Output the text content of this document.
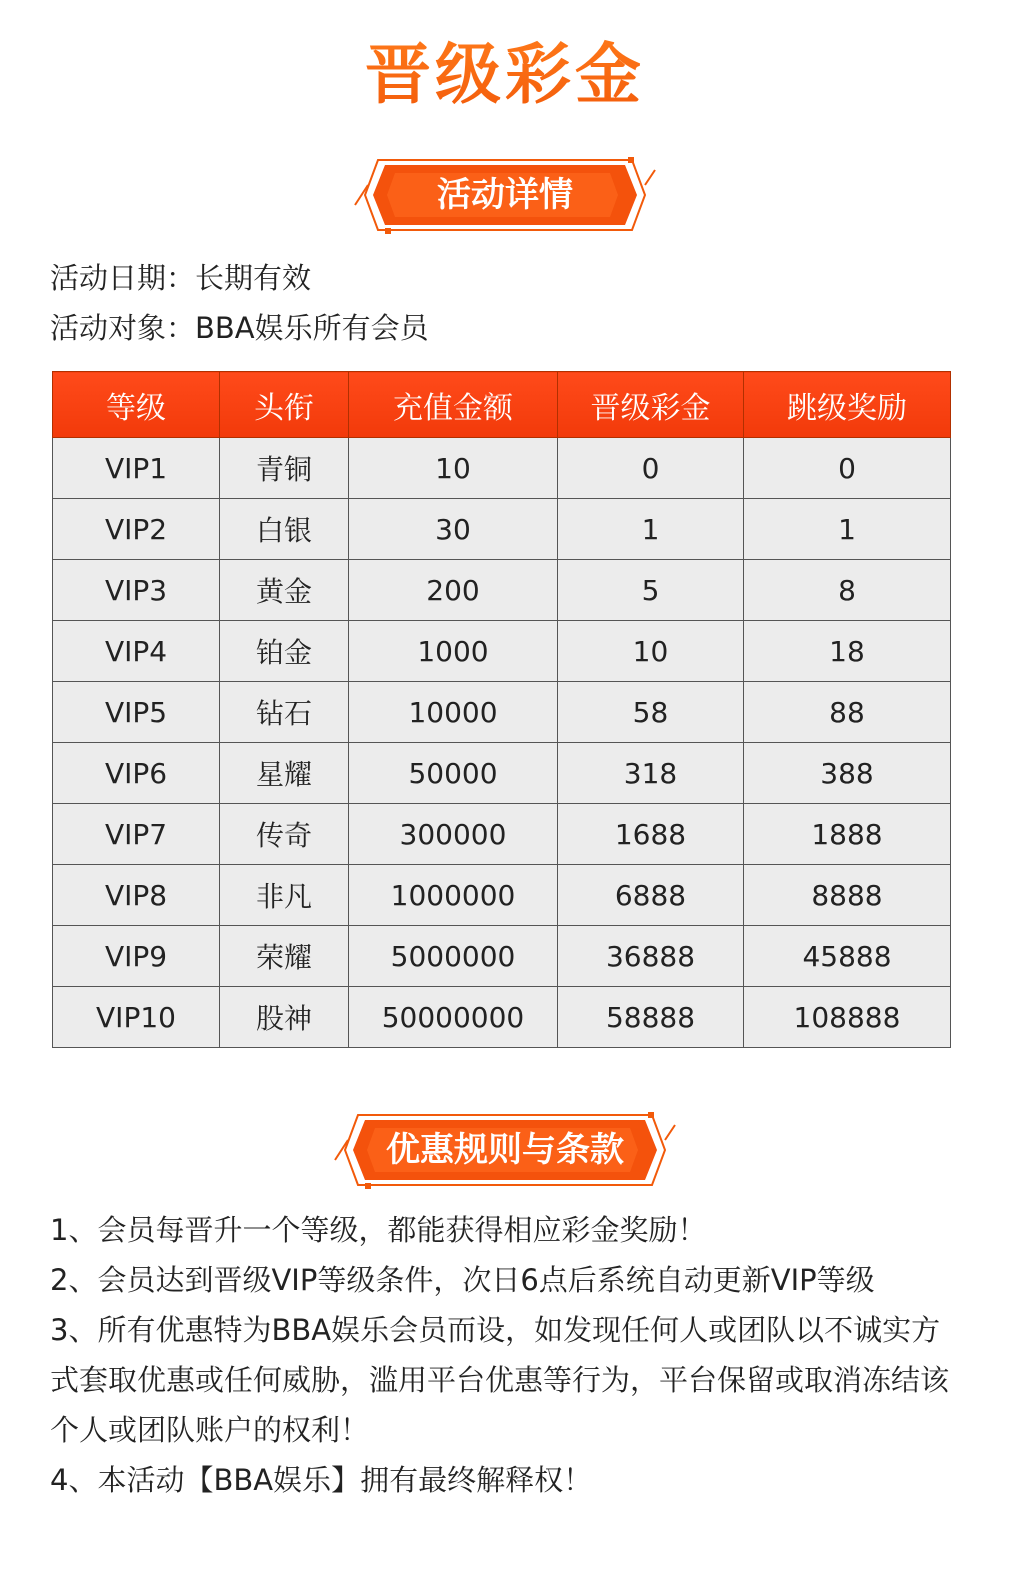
晋级彩金
活动详情
活动日期：长期有效
活动对象：BBA娱乐所有会员
等级	头衔	充值金额	晋级彩金	跳级奖励
VIP1	青铜	10	0	0
VIP2	白银	30	1	1
VIP3	黄金	200	5	8
VIP4	铂金	1000	10	18
VIP5	钻石	10000	58	88
VIP6	星耀	50000	318	388
VIP7	传奇	300000	1688	1888
VIP8	非凡	1000000	6888	8888
VIP9	荣耀	5000000	36888	45888
VIP10	股神	50000000	58888	108888
优惠规则与条款
1、会员每晋升一个等级，都能获得相应彩金奖励！
2、会员达到晋级VIP等级条件，次日6点后系统自动更新VIP等级
3、所有优惠特为BBA娱乐会员而设，如发现任何人或团队以不诚实方式套取优惠或任何威胁，滥用平台优惠等行为，平台保留或取消冻结该个人或团队账户的权利！
4、本活动【BBA娱乐】拥有最终解释权！
